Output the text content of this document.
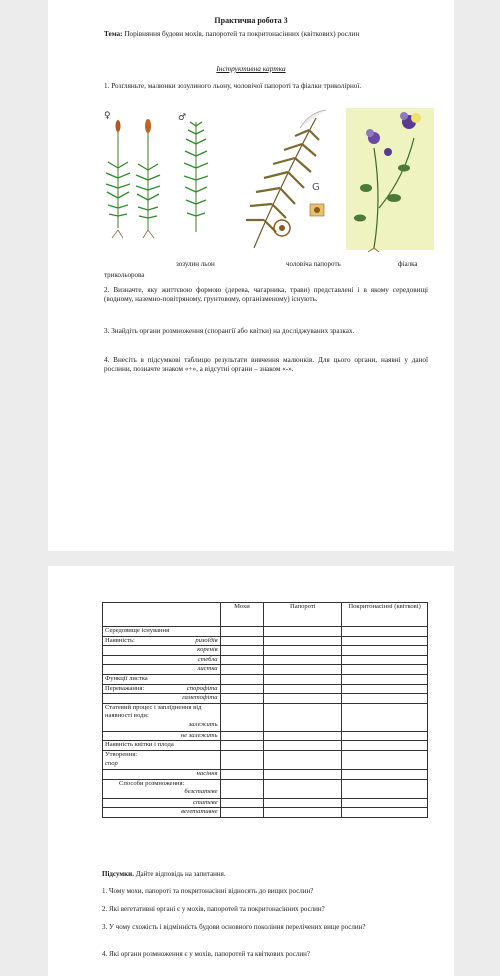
Практична робота 3
Тема: Порівняння будови мохів, папоротей та покритонасінних (квіткових) рослин
Інструктивна картка
1. Розгляньте, малюнки зозулиного льону, чоловічої папороті та фіалки триколірної.
♀	♂
G
зозулин льон	чоловіча папороть	фіалка
трикольорова
2. Визначте, яку життєвою формою (дерева, чагарника, трави) представлені і в якому середовищі (водному, наземно-повітряному, грунтовому, організменому) існують.
3. Знайдіть органи розмноження (спорангії або квітки) на досліджуваних зразках.
4. Внесіть в підсумкові таблицю результати вивчення малюнків. Для цього органи, наявні у даної рослини, позначте знаком «+», а відсутні органи – знаком «-».
	Мохи	Папороті	Покритонасінні (квіткові)
Середовище існування			
Наявність: ризоїдів			

коренів			
стебла			
листка			
Функції листка			
Переважання: спорофіта			

гаметофіта			
Статевий процес і запліднення від наявності води:

залежить			

не залежить			
Наявність квітки і плода			
Утворення:
спор			
насіння			
Способи розмноження:

безстатеве			

статеве			
вегетативне			
Підсумки. Дайте відповідь на запитання.
1. Чому мохи, папороті та покритонасінні відносять до вищих рослин?
2. Які вегетативні органі є у мохів, папоротей та покритонасінних рослин?
3. У чому схожість і відмінність будови основного покоління перелічених вище рослин?
4. Які органи розмноження є у мохів, папоротей та квіткових рослин?
